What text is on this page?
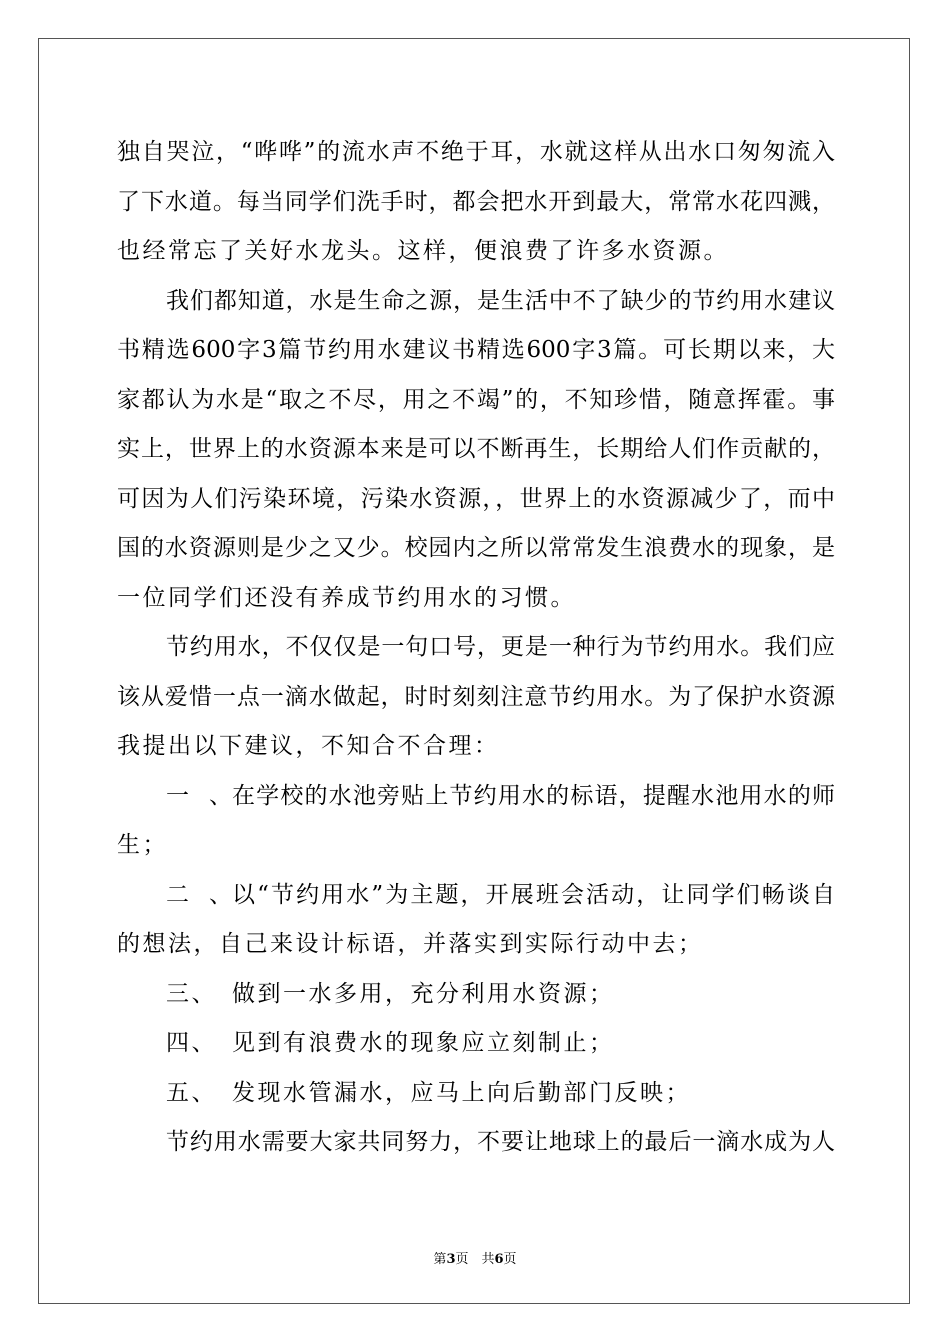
独自哭泣，“哗哗”的流水声不绝于耳，水就这样从出水口匆匆流入
了下水道。每当同学们洗手时，都会把水开到最大，常常水花四溅，
也经常忘了关好水龙头。这样，便浪费了许多水资源。
我们都知道，水是生命之源，是生活中不了缺少的节约用水建议
书精选600字3篇节约用水建议书精选600字3篇。可长期以来，大
家都认为水是“取之不尽，用之不竭”的，不知珍惜，随意挥霍。事
实上，世界上的水资源本来是可以不断再生，长期给人们作贡献的，
可因为人们污染环境，污染水资源，，世界上的水资源减少了，而中
国的水资源则是少之又少。校园内之所以常常发生浪费水的现象，是
一位同学们还没有养成节约用水的习惯。
节约用水，不仅仅是一句口号，更是一种行为节约用水。我们应
该从爱惜一点一滴水做起，时时刻刻注意节约用水。为了保护水资源
我提出以下建议，不知合不合理：
一、 在学校的水池旁贴上节约用水的标语，提醒水池用水的师
生；
二、 以“节约用水”为主题，开展班会活动，让同学们畅谈自
的想法，自己来设计标语，并落实到实际行动中去；
三、 做到一水多用，充分利用水资源；
四、 见到有浪费水的现象应立刻制止；
五、 发现水管漏水，应马上向后勤部门反映；
节约用水需要大家共同努力，不要让地球上的最后一滴水成为人
第3页　共6页
